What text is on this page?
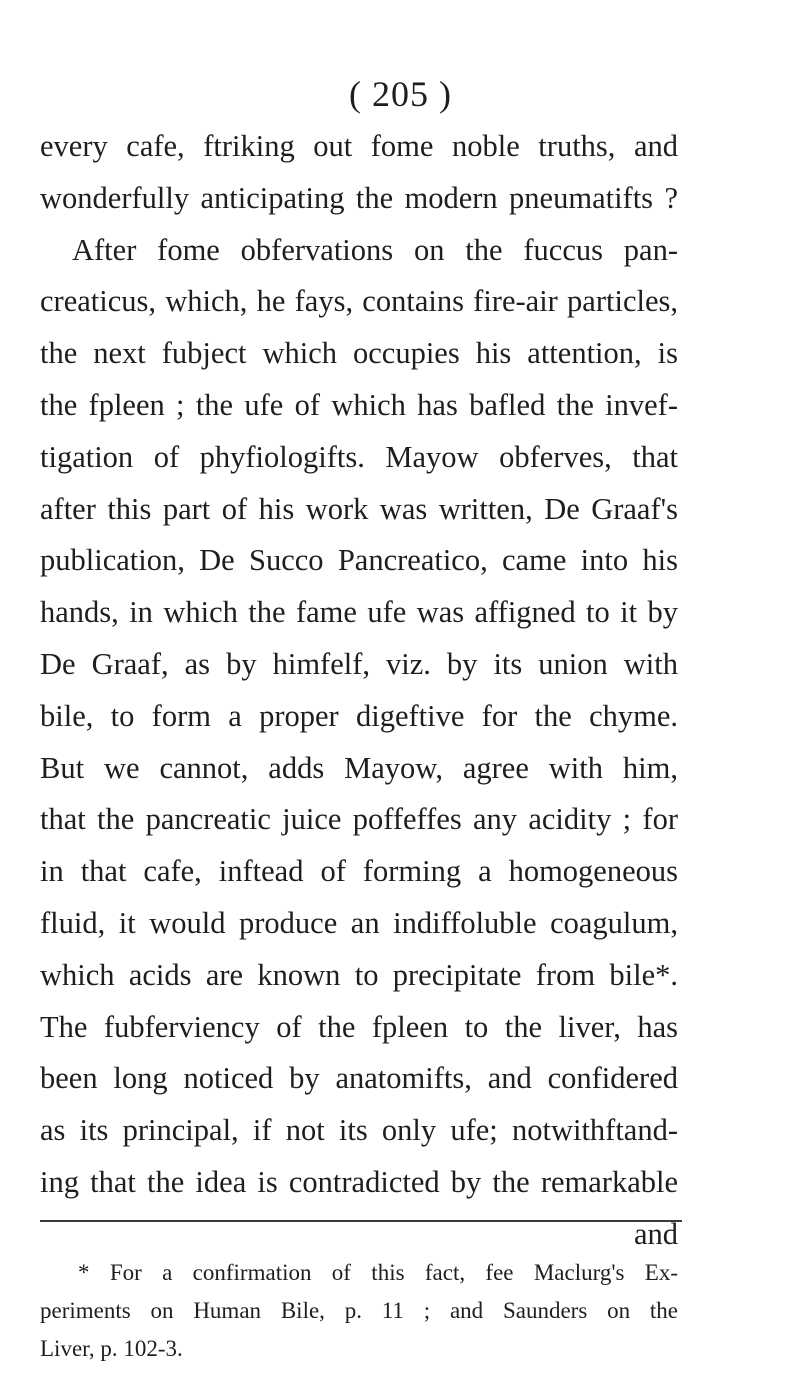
( 205 )
every cafe, ftriking out fome noble truths, and
wonderfully anticipating the modern pneumatifts ?
After fome obfervations on the fuccus pan-
creaticus, which, he fays, contains fire-air particles,
the next fubject which occupies his attention, is
the fpleen ; the ufe of which has bafled the invef-
tigation of phyfiologifts. Mayow obferves, that
after this part of his work was written, De Graaf's
publication, De Succo Pancreatico, came into his
hands, in which the fame ufe was affigned to it by
De Graaf, as by himfelf, viz. by its union with
bile, to form a proper digeftive for the chyme.
But we cannot, adds Mayow, agree with him,
that the pancreatic juice poffeffes any acidity ; for
in that cafe, inftead of forming a homogeneous
fluid, it would produce an indiffoluble coagulum,
which acids are known to precipitate from bile*.
The fubferviency of the fpleen to the liver, has
been long noticed by anatomifts, and confidered
as its principal, if not its only ufe; notwithftand-
ing that the idea is contradicted by the remarkable
and
* For a confirmation of this fact, fee Maclurg's Ex-
periments on Human Bile, p. 11 ; and Saunders on the
Liver, p. 102-3.
